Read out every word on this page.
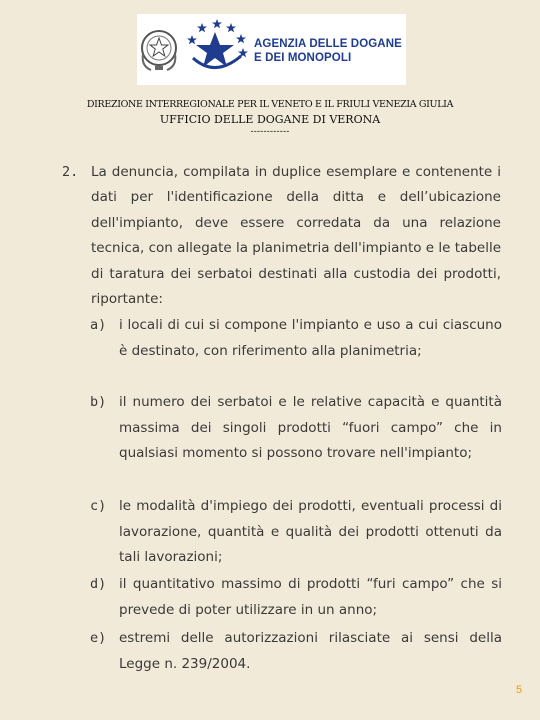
AGENZIA DELLE DOGANE
E DEI MONOPOLI
DIREZIONE INTERREGIONALE PER IL VENETO E IL FRIULI VENEZIA GIULIA
UFFICIO DELLE DOGANE DI VERONA
------------
2. La denuncia, compilata in duplice esemplare e contenente i dati per l'identificazione della ditta e dell’ubicazione dell'impianto, deve essere corredata da una relazione tecnica, con allegate la planimetria dell'impianto e le tabelle di taratura dei serbatoi destinati alla custodia dei prodotti, riportante:
a) i locali di cui si compone l'impianto e uso a cui ciascuno è destinato, con riferimento alla planimetria;
b) il numero dei serbatoi e le relative capacità e quantità massima dei singoli prodotti “fuori campo” che in qualsiasi momento si possono trovare nell'impianto;
c) le modalità d'impiego dei prodotti, eventuali processi di lavorazione, quantità e qualità dei prodotti ottenuti da tali lavorazioni;
d) il quantitativo massimo di prodotti “furi campo” che si prevede di poter utilizzare in un anno;
e) estremi delle autorizzazioni rilasciate ai sensi della Legge n. 239/2004.
5
